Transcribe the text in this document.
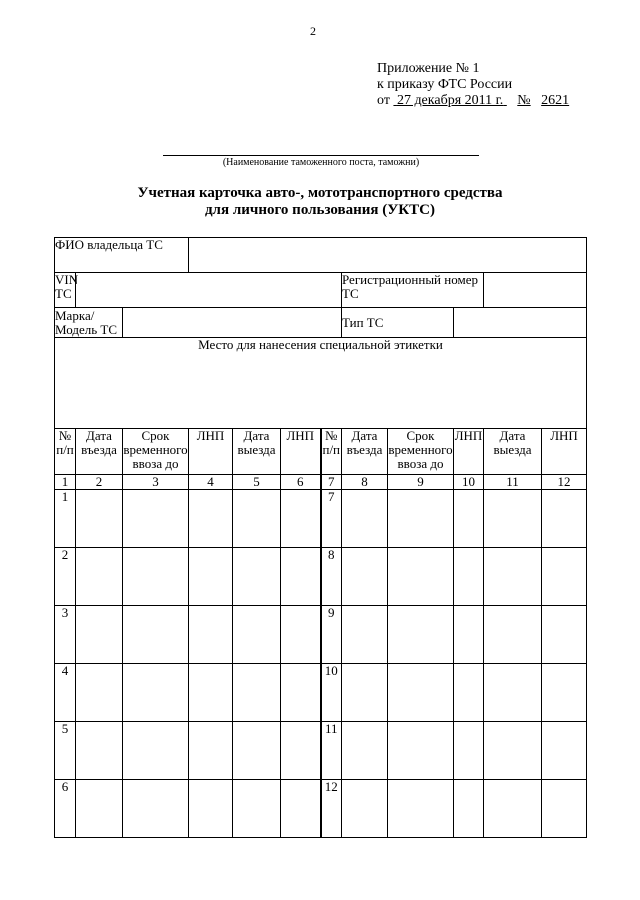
2
Приложение № 1
к приказу ФТС России
от 27 декабря 2011 г. № 2621
(Наименование таможенного поста, таможни)
Учетная карточка авто-, мототранспортного средства
для личного пользования (УКТС)
ФИО владельца ТС											
VIN ТС							Регистрационный номер ТС				
Марка/Модель ТС							Тип ТС				
Место для нанесения специальной этикетки											
№ п/п	Дата въезда	Срок временного ввоза до	ЛНП	Дата выезда	ЛНП	№ п/п	Дата въезда	Срок временного ввоза до	ЛНП	Дата выезда	ЛНП
1	2	3	4	5	6	7	8	9	10	11	12
1						7					
2						8					
3						9					
4						10					
5						11					
6						12					
